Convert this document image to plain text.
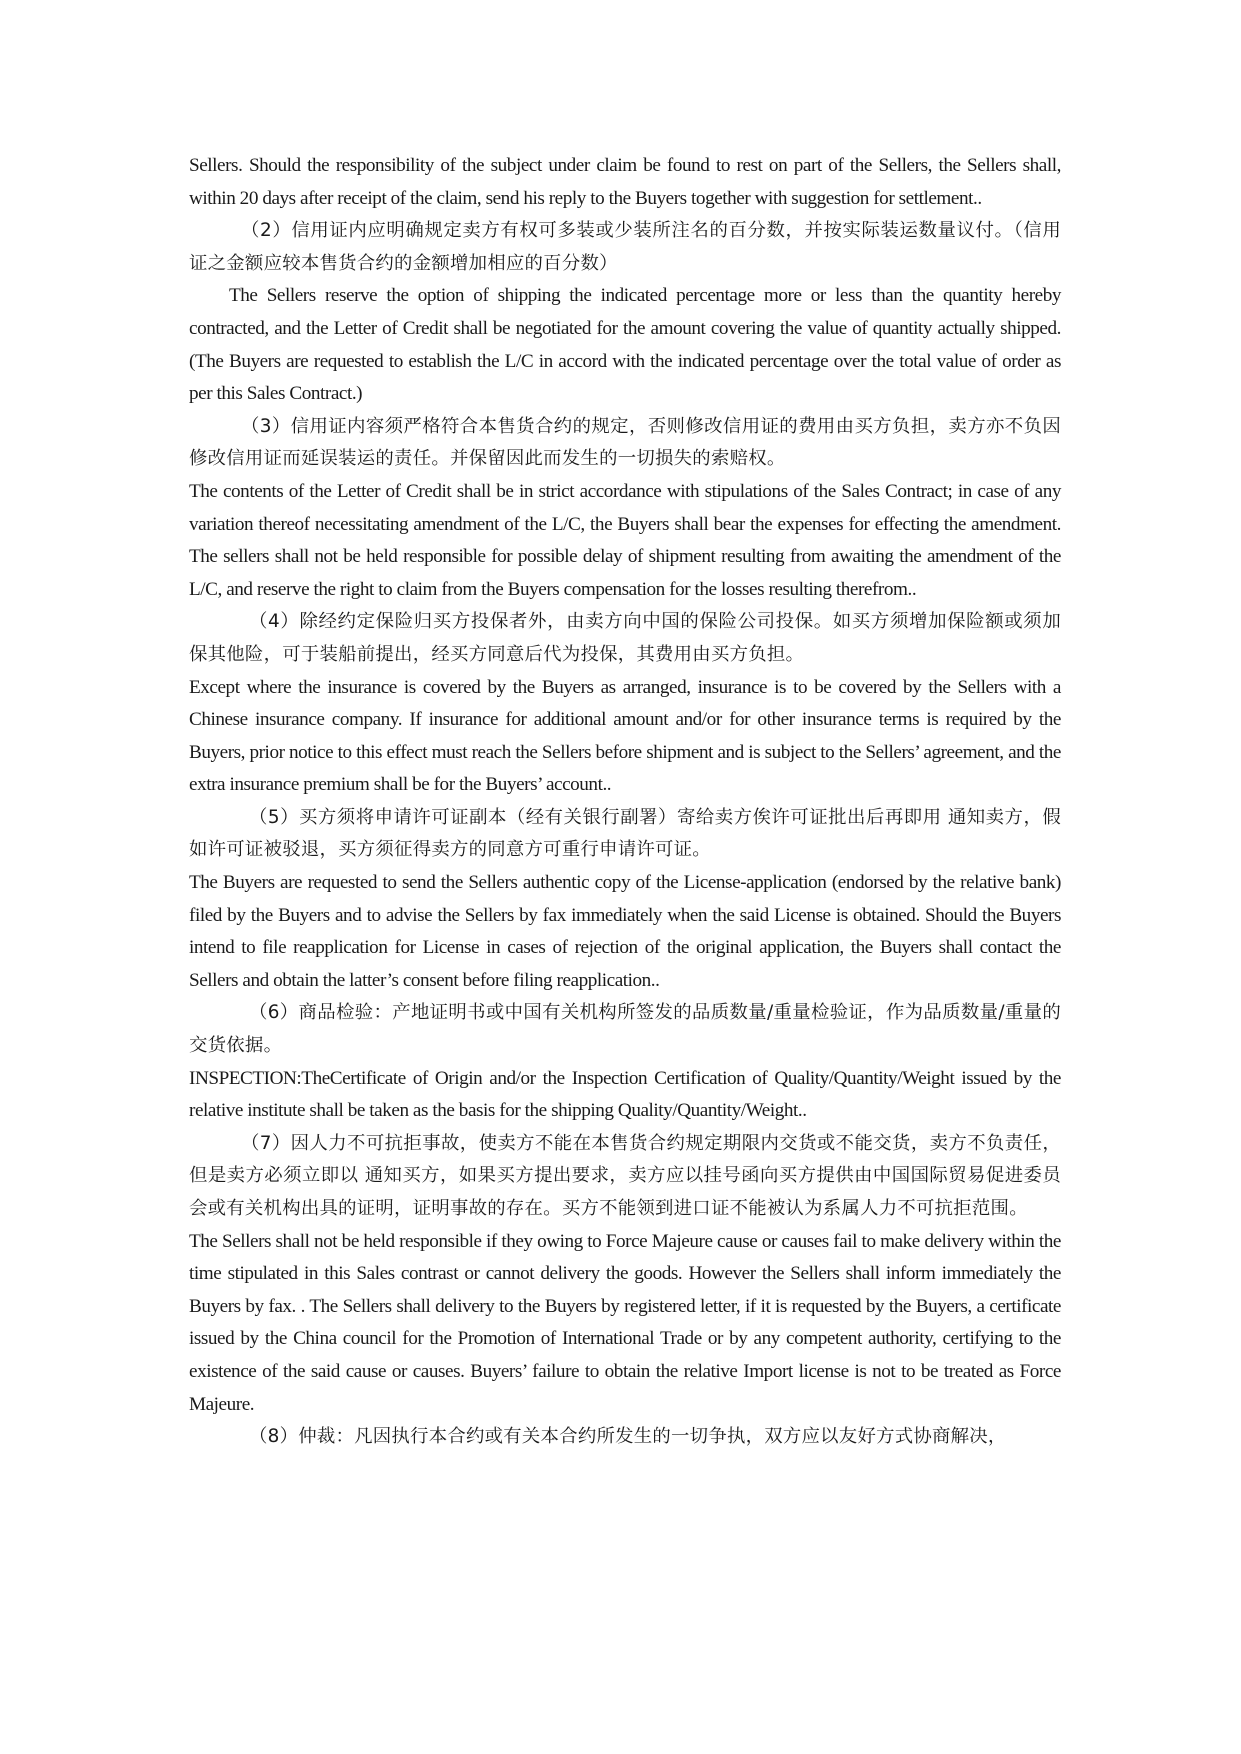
Sellers. Should the responsibility of the subject under claim be found to rest on part of the Sellers, the Sellers shall, within 20 days after receipt of the claim, send his reply to the Buyers together with suggestion for settlement..

（2）信用证内应明确规定卖方有权可多装或少装所注名的百分数，并按实际装运数量议付。（信用证之金额应较本售货合约的金额增加相应的百分数）

The Sellers reserve the option of shipping the indicated percentage more or less than the quantity hereby contracted, and the Letter of Credit shall be negotiated for the amount covering the value of quantity actually shipped. (The Buyers are requested to establish the L/C in accord with the indicated percentage over the total value of order as per this Sales Contract.)

（3）信用证内容须严格符合本售货合约的规定，否则修改信用证的费用由买方负担，卖方亦不负因修改信用证而延误装运的责任。并保留因此而发生的一切损失的索赔权。

The contents of the Letter of Credit shall be in strict accordance with stipulations of the Sales Contract; in case of any variation thereof necessitating amendment of the L/C, the Buyers shall bear the expenses for effecting the amendment. The sellers shall not be held responsible for possible delay of shipment resulting from awaiting the amendment of the L/C, and reserve the right to claim from the Buyers compensation for the losses resulting therefrom..

（4）除经约定保险归买方投保者外，由卖方向中国的保险公司投保。如买方须增加保险额或须加保其他险，可于装船前提出，经买方同意后代为投保，其费用由买方负担。

Except where the insurance is covered by the Buyers as arranged, insurance is to be covered by the Sellers with a Chinese insurance company. If insurance for additional amount and/or for other insurance terms is required by the Buyers, prior notice to this effect must reach the Sellers before shipment and is subject to the Sellers’ agreement, and the extra insurance premium shall be for the Buyers’ account..

（5）买方须将申请许可证副本（经有关银行副署）寄给卖方俟许可证批出后再即用 通知卖方，假如许可证被驳退，买方须征得卖方的同意方可重行申请许可证。

The Buyers are requested to send the Sellers authentic copy of the License-application (endorsed by the relative bank) filed by the Buyers and to advise the Sellers by fax immediately when the said License is obtained. Should the Buyers intend to file reapplication for License in cases of rejection of the original application, the Buyers shall contact the Sellers and obtain the latter’s consent before filing reapplication..

（6）商品检验：产地证明书或中国有关机构所签发的品质数量/重量检验证，作为品质数量/重量的交货依据。

INSPECTION:TheCertificate of Origin and/or the Inspection Certification of Quality/Quantity/Weight issued by the relative institute shall be taken as the basis for the shipping Quality/Quantity/Weight..

（7）因人力不可抗拒事故，使卖方不能在本售货合约规定期限内交货或不能交货，卖方不负责任，但是卖方必须立即以 通知买方，如果买方提出要求，卖方应以挂号函向买方提供由中国国际贸易促进委员会或有关机构出具的证明，证明事故的存在。买方不能领到进口证不能被认为系属人力不可抗拒范围。

The Sellers shall not be held responsible if they owing to Force Majeure cause or causes fail to make delivery within the time stipulated in this Sales contrast or cannot delivery the goods. However the Sellers shall inform immediately the Buyers by fax. . The Sellers shall delivery to the Buyers by registered letter, if it is requested by the Buyers, a certificate issued by the China council for the Promotion of International Trade or by any competent authority, certifying to the existence of the said cause or causes. Buyers’ failure to obtain the relative Import license is not to be treated as Force Majeure.

（8）仲裁：凡因执行本合约或有关本合约所发生的一切争执，双方应以友好方式协商解决，
